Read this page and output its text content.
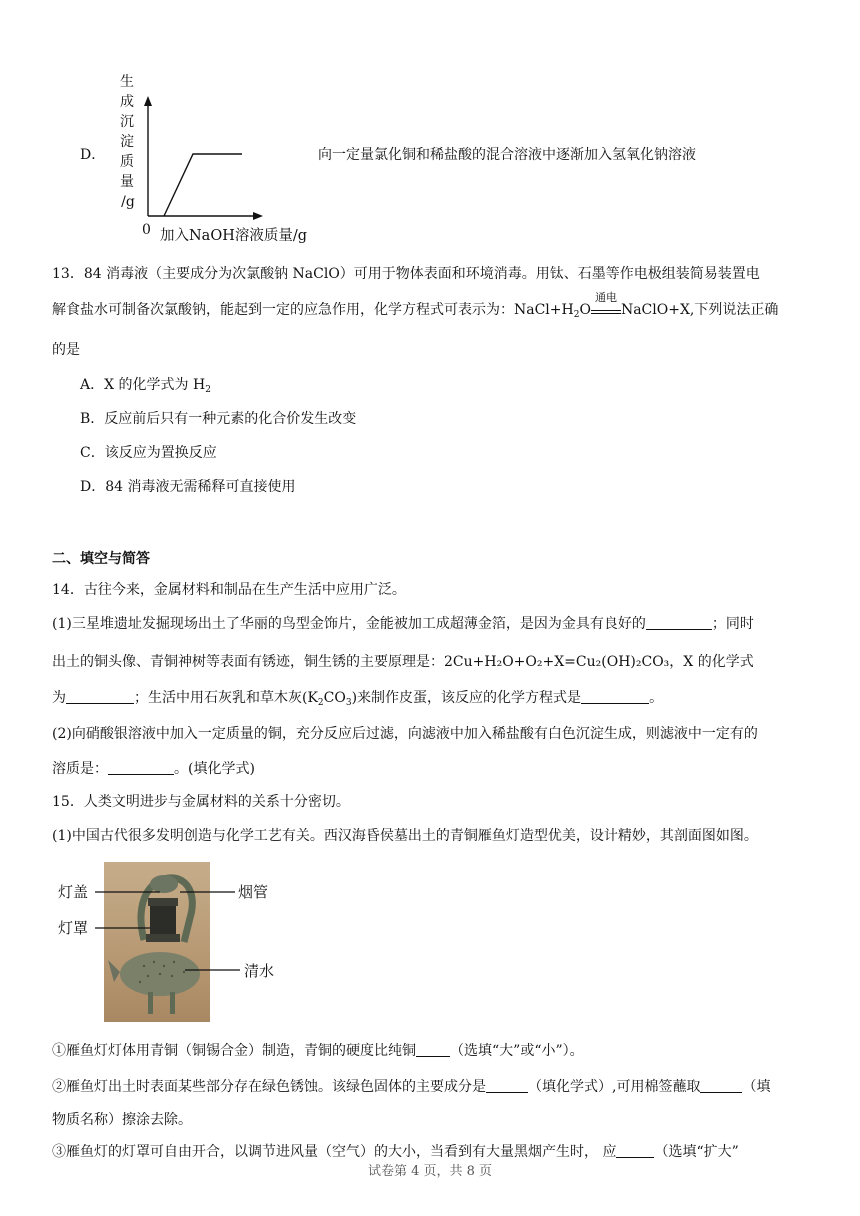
D．
生
成
沉
淀
质
量
/g
0 加入NaOH溶液质量/g
向一定量氯化铜和稀盐酸的混合溶液中逐渐加入氢氧化钠溶液
13．84 消毒液（主要成分为次氯酸钠 NaClO）可用于物体表面和环境消毒。用钛、石墨等作电极组装简易装置电
解食盐水可制备次氯酸钠，能起到一定的应急作用，化学方程式可表示为：$NaCl+H_2O$
通电
NaClO+X,下列说法正确
的是
A．X 的化学式为 $H_2$
B．反应前后只有一种元素的化合价发生改变
C．该反应为置换反应
D．84 消毒液无需稀释可直接使用
二、填空与简答
14．古往今来，金属材料和制品在生产生活中应用广泛。
(1)三星堆遗址发掘现场出土了华丽的鸟型金饰片，金能被加工成超薄金箔，是因为金具有良好的	；同时
出土的铜头像、青铜神树等表面有锈迹，铜生锈的主要原理是：2Cu+H₂O+O₂+X=Cu₂(OH)₂CO₃，X 的化学式
为	；生活中用石灰乳和草木灰$(K_2CO_3)$来制作皮蛋，该反应的化学方程式是	。
(2)向硝酸银溶液中加入一定质量的铜，充分反应后过滤，向滤液中加入稀盐酸有白色沉淀生成，则滤液中一定有的
溶质是：	。(填化学式)
15．人类文明进步与金属材料的关系十分密切。
(1)中国古代很多发明创造与化学工艺有关。西汉海昏侯墓出土的青铜雁鱼灯造型优美，设计精妙，其剖面图如图。
灯盖	烟管
灯罩
清水
①雁鱼灯灯体用青铜（铜锡合金）制造，青铜的硬度比纯铜 （选填“大”或“小”）。
②雁鱼灯出土时表面某些部分存在绿色锈蚀。该绿色固体的主要成分是	（填化学式）,可用棉签蘸取	（填
物质名称）擦涂去除。
③雁鱼灯的灯罩可自由开合，以调节进风量（空气）的大小，当看到有大量黑烟产生时， 应	（选填“扩大”
试卷第 4 页，共 8 页
